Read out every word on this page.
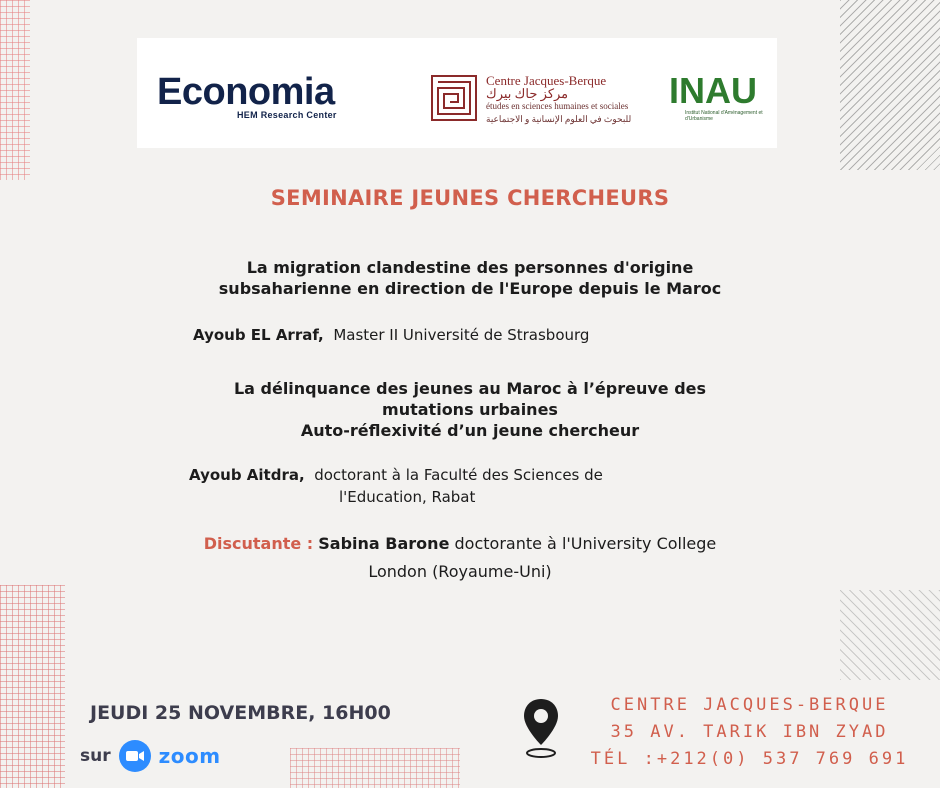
Economia
HEM Research Center
Centre Jacques-Berque
مركز جاك بيرك
études en sciences humaines et sociales
للبحوث في العلوم الإنسانية و الاجتماعية
INAU
Institut National d'Aménagement et d'Urbanisme
SEMINAIRE JEUNES CHERCHEURS
La migration clandestine des personnes d'origine
subsaharienne en direction de l'Europe depuis le Maroc
Ayoub EL Arraf, Master II Université de Strasbourg
La délinquance des jeunes au Maroc à l’épreuve des
mutations urbaines
Auto-réflexivité d’un jeune chercheur
Ayoub Aitdra, doctorant à la Faculté des Sciences de
l'Education, Rabat
Discutante : Sabina Barone doctorante à l'University College
London (Royaume-Uni)
JEUDI 25 NOVEMBRE, 16H00
sur zoom
CENTRE JACQUES-BERQUE
35 AV. TARIK IBN ZYAD
TÉL :+212(0) 537 769 691
